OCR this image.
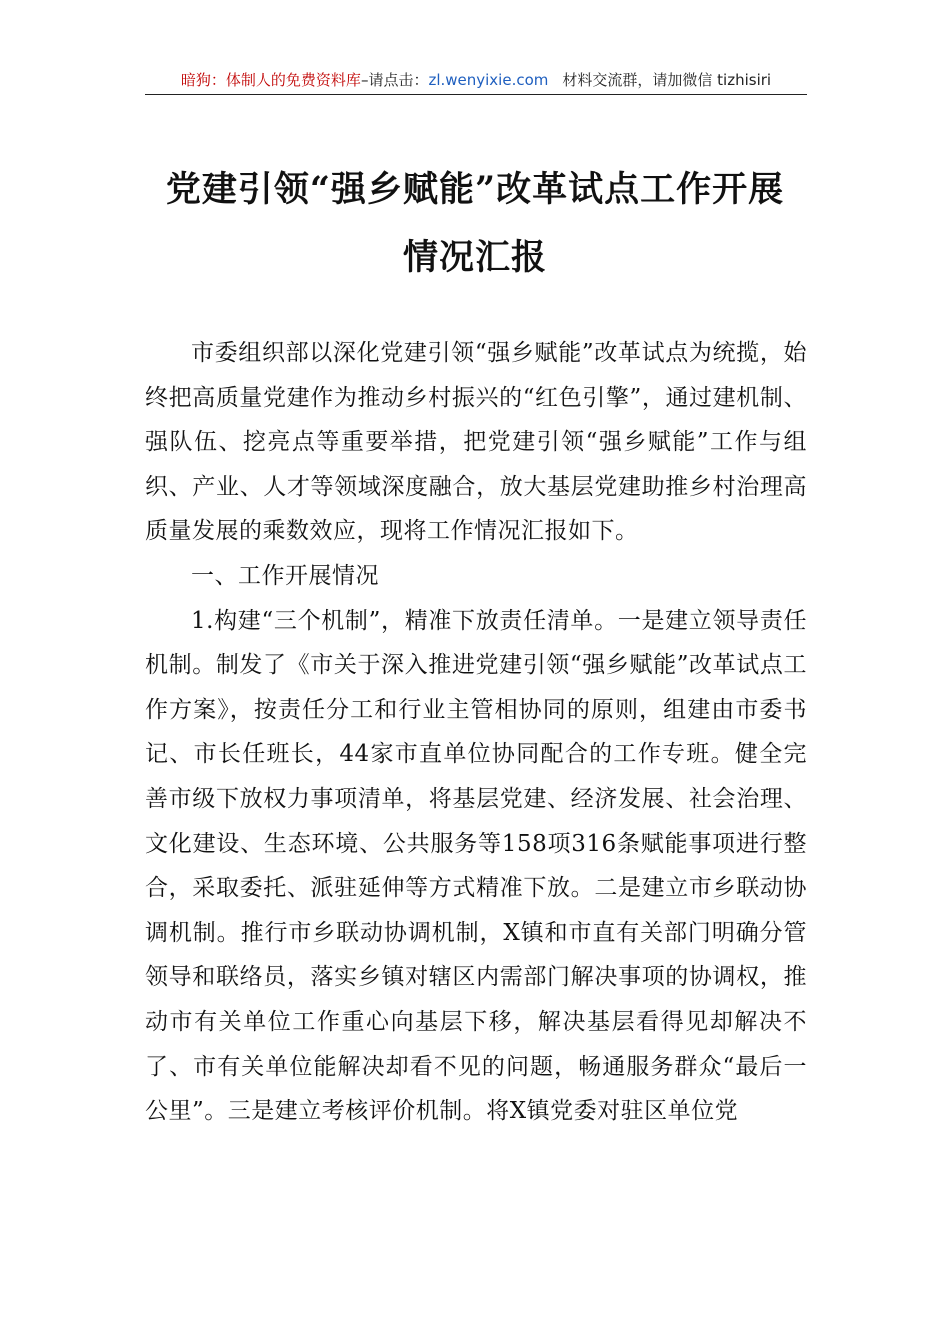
暗狗：体制人的免费资料库–请点击：zl.wenyixie.com 材料交流群，请加微信 tizhisiri
党建引领“强乡赋能”改革试点工作开展
情况汇报

市委组织部以深化党建引领“强乡赋能”改革试点为统揽，始终把高质量党建作为推动乡村振兴的“红色引擎”，通过建机制、强队伍、挖亮点等重要举措，把党建引领“强乡赋能”工作与组织、产业、人才等领域深度融合，放大基层党建助推乡村治理高质量发展的乘数效应，现将工作情况汇报如下。

一、工作开展情况

1.构建“三个机制”，精准下放责任清单。一是建立领导责任机制。制发了《市关于深入推进党建引领“强乡赋能”改革试点工作方案》，按责任分工和行业主管相协同的原则，组建由市委书记、市长任班长，44家市直单位协同配合的工作专班。健全完善市级下放权力事项清单，将基层党建、经济发展、社会治理、文化建设、生态环境、公共服务等158项316条赋能事项进行整合，采取委托、派驻延伸等方式精准下放。二是建立市乡联动协调机制。推行市乡联动协调机制，X镇和市直有关部门明确分管领导和联络员，落实乡镇对辖区内需部门解决事项的协调权，推动市有关单位工作重心向基层下移，解决基层看得见却解决不了、市有关单位能解决却看不见的问题，畅通服务群众“最后一公里”。三是建立考核评价机制。将X镇党委对驻区单位党
